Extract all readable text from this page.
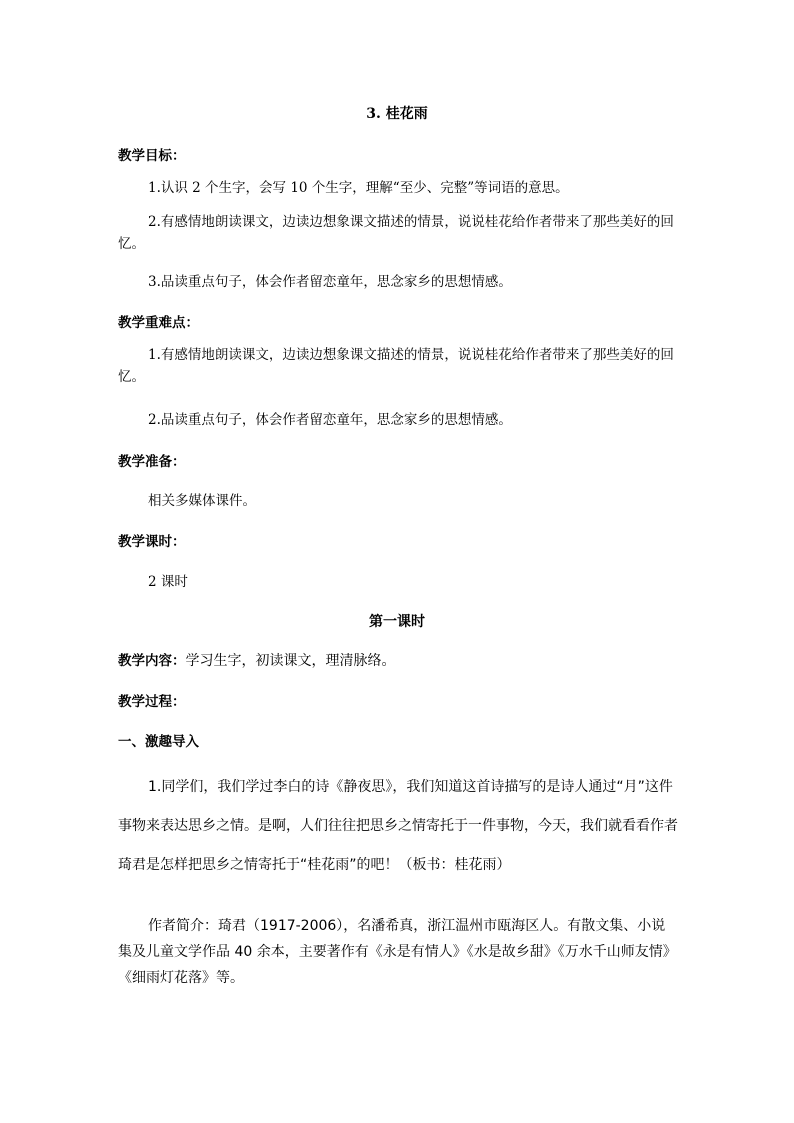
3. 桂花雨
教学目标：
1.认识 2 个生字，会写 10 个生字，理解“至少、完整”等词语的意思。
2.有感情地朗读课文，边读边想象课文描述的情景，说说桂花给作者带来了那些美好的回忆。
3.品读重点句子，体会作者留恋童年，思念家乡的思想情感。
教学重难点：
1.有感情地朗读课文，边读边想象课文描述的情景，说说桂花给作者带来了那些美好的回忆。
2.品读重点句子，体会作者留恋童年，思念家乡的思想情感。
教学准备：
相关多媒体课件。
教学课时：
2 课时
第一课时
教学内容：学习生字，初读课文，理清脉络。
教学过程：
一、激趣导入
1.同学们，我们学过李白的诗《静夜思》，我们知道这首诗描写的是诗人通过“月”这件事物来表达思乡之情。是啊，人们往往把思乡之情寄托于一件事物，今天，我们就看看作者琦君是怎样把思乡之情寄托于“桂花雨”的吧！（板书：桂花雨）
作者简介：琦君（1917-2006），名潘希真，浙江温州市瓯海区人。有散文集、小说集及儿童文学作品 40 余本，主要著作有《永是有情人》《水是故乡甜》《万水千山师友情》《细雨灯花落》等。
